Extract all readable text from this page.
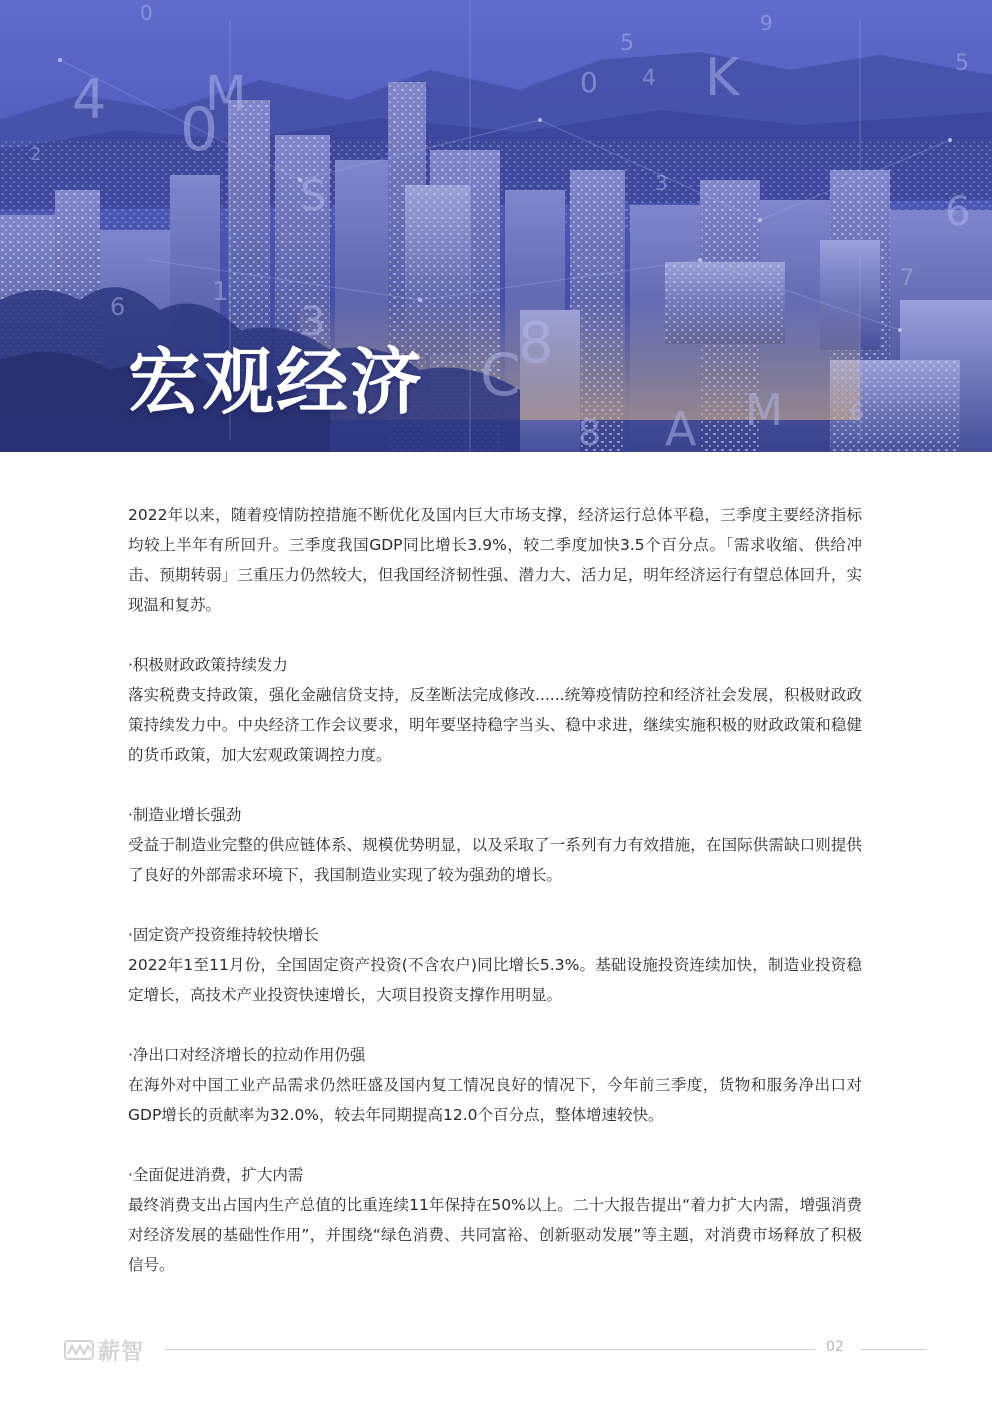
4 0
M
S
5
0 4 K
6
C
8
A M
5
6
2
8
3
1
0
6
3
7
9
宏观经济

2022年以来，随着疫情防控措施不断优化及国内巨大市场支撑，经济运行总体平稳，三季度主要经济指标均较上半年有所回升。三季度我国GDP同比增长3.9%，较二季度加快3.5个百分点。「需求收缩、供给冲击、预期转弱」三重压力仍然较大，但我国经济韧性强、潜力大、活力足，明年经济运行有望总体回升，实现温和复苏。

·积极财政政策持续发力

落实税费支持政策，强化金融信贷支持，反垄断法完成修改......统筹疫情防控和经济社会发展，积极财政政策持续发力中。中央经济工作会议要求，明年要坚持稳字当头、稳中求进，继续实施积极的财政政策和稳健的货币政策，加大宏观政策调控力度。

·制造业增长强劲

受益于制造业完整的供应链体系、规模优势明显，以及采取了一系列有力有效措施，在国际供需缺口则提供了良好的外部需求环境下，我国制造业实现了较为强劲的增长。

·固定资产投资维持较快增长

2022年1至11月份，全国固定资产投资(不含农户)同比增长5.3%。基础设施投资连续加快，制造业投资稳定增长，高技术产业投资快速增长，大项目投资支撑作用明显。

·净出口对经济增长的拉动作用仍强

在海外对中国工业产品需求仍然旺盛及国内复工情况良好的情况下，今年前三季度，货物和服务净出口对GDP增长的贡献率为32.0%，较去年同期提高12.0个百分点，整体增速较快。

·全面促进消费，扩大内需

最终消费支出占国内生产总值的比重连续11年保持在50%以上。二十大报告提出“着力扩大内需，增强消费对经济发展的基础性作用”，并围绕“绿色消费、共同富裕、创新驱动发展”等主题，对消费市场释放了积极信号。

薪智	02
